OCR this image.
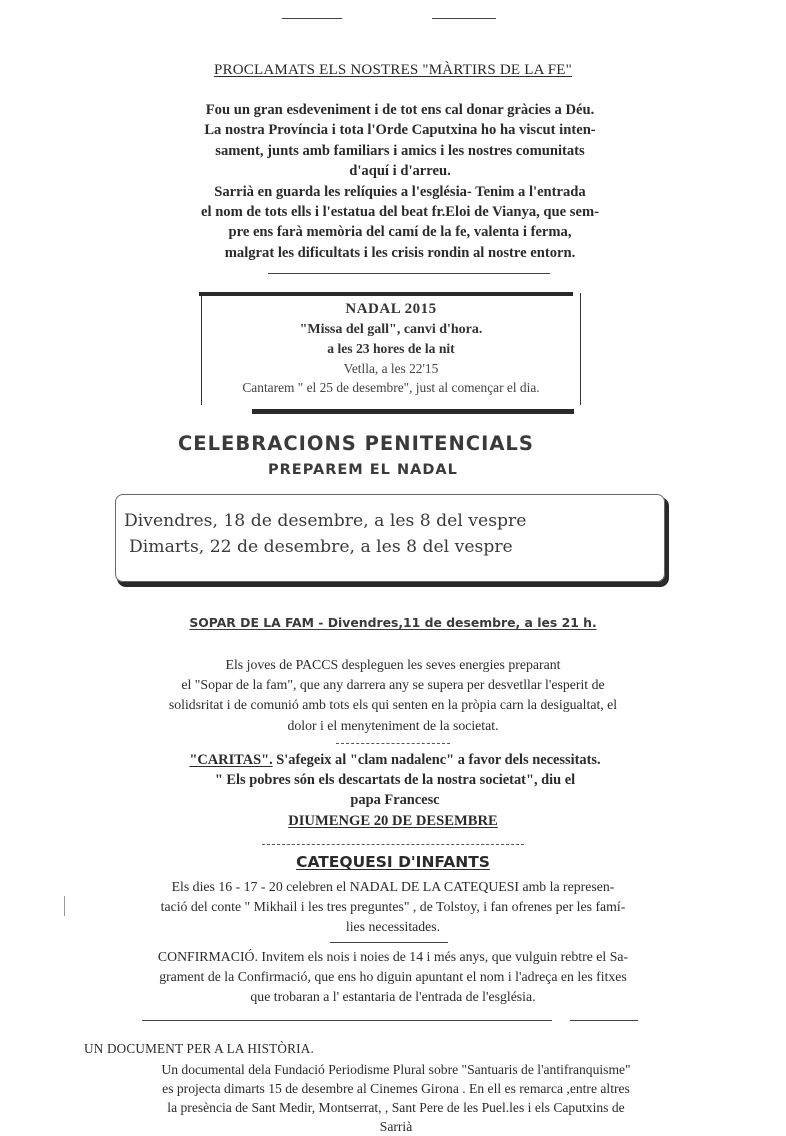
PROCLAMATS ELS NOSTRES "MÀRTIRS DE LA FE"
Fou un gran esdeveniment i de tot ens cal donar gràcies a Déu.
La nostra Província i tota l'Orde Caputxina ho ha viscut inten-
sament, junts amb familiars i amics i les nostres comunitats
d'aquí i d'arreu.
Sarrià en guarda les relíquies a l'església- Tenim a l'entrada
el nom de tots ells i l'estatua del beat fr.Eloi de Vianya, que sem-
pre ens farà memòria del camí de la fe, valenta i ferma,
malgrat les dificultats i les crisis rondin al nostre entorn.
NADAL 2015
"Missa del gall", canvi d'hora.
a les 23 hores de la nit
Vetlla, a les 22'15
Cantarem " el 25 de desembre", just al començar el dia.
CELEBRACIONS PENITENCIALS
PREPAREM EL NADAL
Divendres, 18 de desembre, a les 8 del vespre
Dimarts, 22 de desembre, a les 8 del vespre
SOPAR DE LA FAM - Divendres,11 de desembre, a les 21 h.
Els joves de PACCS despleguen les seves energies preparant
el "Sopar de la fam", que any darrera any se supera per desvetllar l'esperit de
solidsritat i de comunió amb tots els qui senten en la pròpia carn la desigualtat, el
dolor i el menyteniment de la societat.
"CARITAS". S'afegeix al "clam nadalenc" a favor dels necessitats.
" Els pobres són els descartats de la nostra societat", diu el
papa Francesc
DIUMENGE 20 DE DESEMBRE
CATEQUESI D'INFANTS
Els dies 16 - 17 - 20 celebren el NADAL DE LA CATEQUESI amb la represen-
tació del conte " Mikhail i les tres preguntes" , de Tolstoy, i fan ofrenes per les famí-
lies necessitades.
CONFIRMACIÓ. Invitem els nois i noies de 14 i més anys, que vulguin rebtre el Sa-
grament de la Confirmació, que ens ho diguin apuntant el nom i l'adreça en les fitxes
que trobaran a l' estantaria de l'entrada de l'església.
UN DOCUMENT PER A LA HISTÒRIA.
Un documental dela Fundació Periodisme Plural sobre "Santuaris de l'antifranquisme"
es projecta dimarts 15 de desembre al Cinemes Girona . En ell es remarca ,entre altres
la presència de Sant Medir, Montserrat, , Sant Pere de les Puel.les i els Caputxins de
Sarrià
